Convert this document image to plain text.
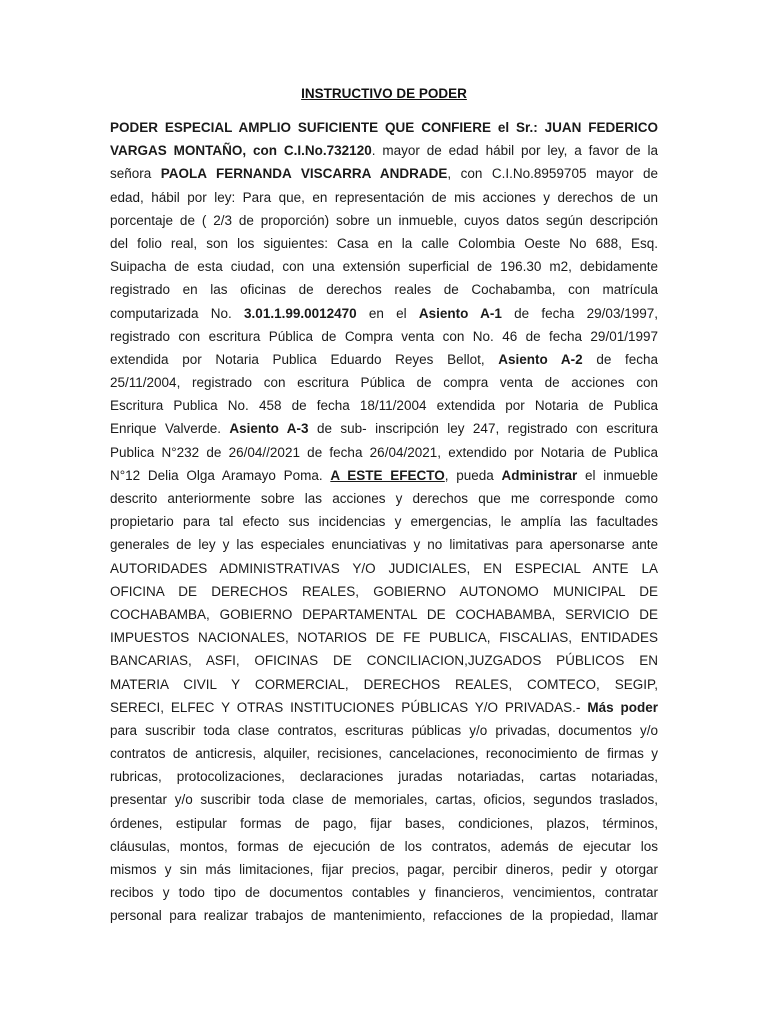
INSTRUCTIVO DE PODER

PODER ESPECIAL AMPLIO SUFICIENTE QUE CONFIERE el Sr.: JUAN FEDERICO
VARGAS MONTAÑO, con C.I.No.732120. mayor de edad hábil por ley, a favor de la
señora PAOLA FERNANDA VISCARRA ANDRADE, con C.I.No.8959705 mayor de
edad, hábil por ley: Para que, en representación de mis acciones y derechos de un
porcentaje de ( 2/3 de proporción) sobre un inmueble, cuyos datos según descripción
del folio real, son los siguientes: Casa en la calle Colombia Oeste No 688, Esq.
Suipacha de esta ciudad, con una extensión superficial de 196.30 m2, debidamente
registrado en las oficinas de derechos reales de Cochabamba, con matrícula
computarizada No. 3.01.1.99.0012470 en el Asiento A-1 de fecha 29/03/1997,
registrado con escritura Pública de Compra venta con No. 46 de fecha 29/01/1997
extendida por Notaria Publica Eduardo Reyes Bellot, Asiento A-2 de fecha
25/11/2004, registrado con escritura Pública de compra venta de acciones con
Escritura Publica No. 458 de fecha 18/11/2004 extendida por Notaria de Publica
Enrique Valverde. Asiento A-3 de sub- inscripción ley 247, registrado con escritura
Publica N°232 de 26/04//2021 de fecha 26/04/2021, extendido por Notaria de Publica
N°12 Delia Olga Aramayo Poma. A ESTE EFECTO, pueda Administrar el inmueble
descrito anteriormente sobre las acciones y derechos que me corresponde como
propietario para tal efecto sus incidencias y emergencias, le amplía las facultades
generales de ley y las especiales enunciativas y no limitativas para apersonarse ante
AUTORIDADES ADMINISTRATIVAS Y/O JUDICIALES, EN ESPECIAL ANTE LA
OFICINA DE DERECHOS REALES, GOBIERNO AUTONOMO MUNICIPAL DE
COCHABAMBA, GOBIERNO DEPARTAMENTAL DE COCHABAMBA, SERVICIO DE
IMPUESTOS NACIONALES, NOTARIOS DE FE PUBLICA, FISCALIAS, ENTIDADES
BANCARIAS, ASFI, OFICINAS DE CONCILIACION,JUZGADOS PÚBLICOS EN
MATERIA CIVIL Y CORMERCIAL, DERECHOS REALES, COMTECO, SEGIP,
SERECI, ELFEC Y OTRAS INSTITUCIONES PÚBLICAS Y/O PRIVADAS.- Más poder
para suscribir toda clase contratos, escrituras públicas y/o privadas, documentos y/o
contratos de anticresis, alquiler, recisiones, cancelaciones, reconocimiento de firmas y
rubricas, protocolizaciones, declaraciones juradas notariadas, cartas notariadas,
presentar y/o suscribir toda clase de memoriales, cartas, oficios, segundos traslados,
órdenes, estipular formas de pago, fijar bases, condiciones, plazos, términos,
cláusulas, montos, formas de ejecución de los contratos, además de ejecutar los
mismos y sin más limitaciones, fijar precios, pagar, percibir dineros, pedir y otorgar
recibos y todo tipo de documentos contables y financieros, vencimientos, contratar
personal para realizar trabajos de mantenimiento, refacciones de la propiedad, llamar
